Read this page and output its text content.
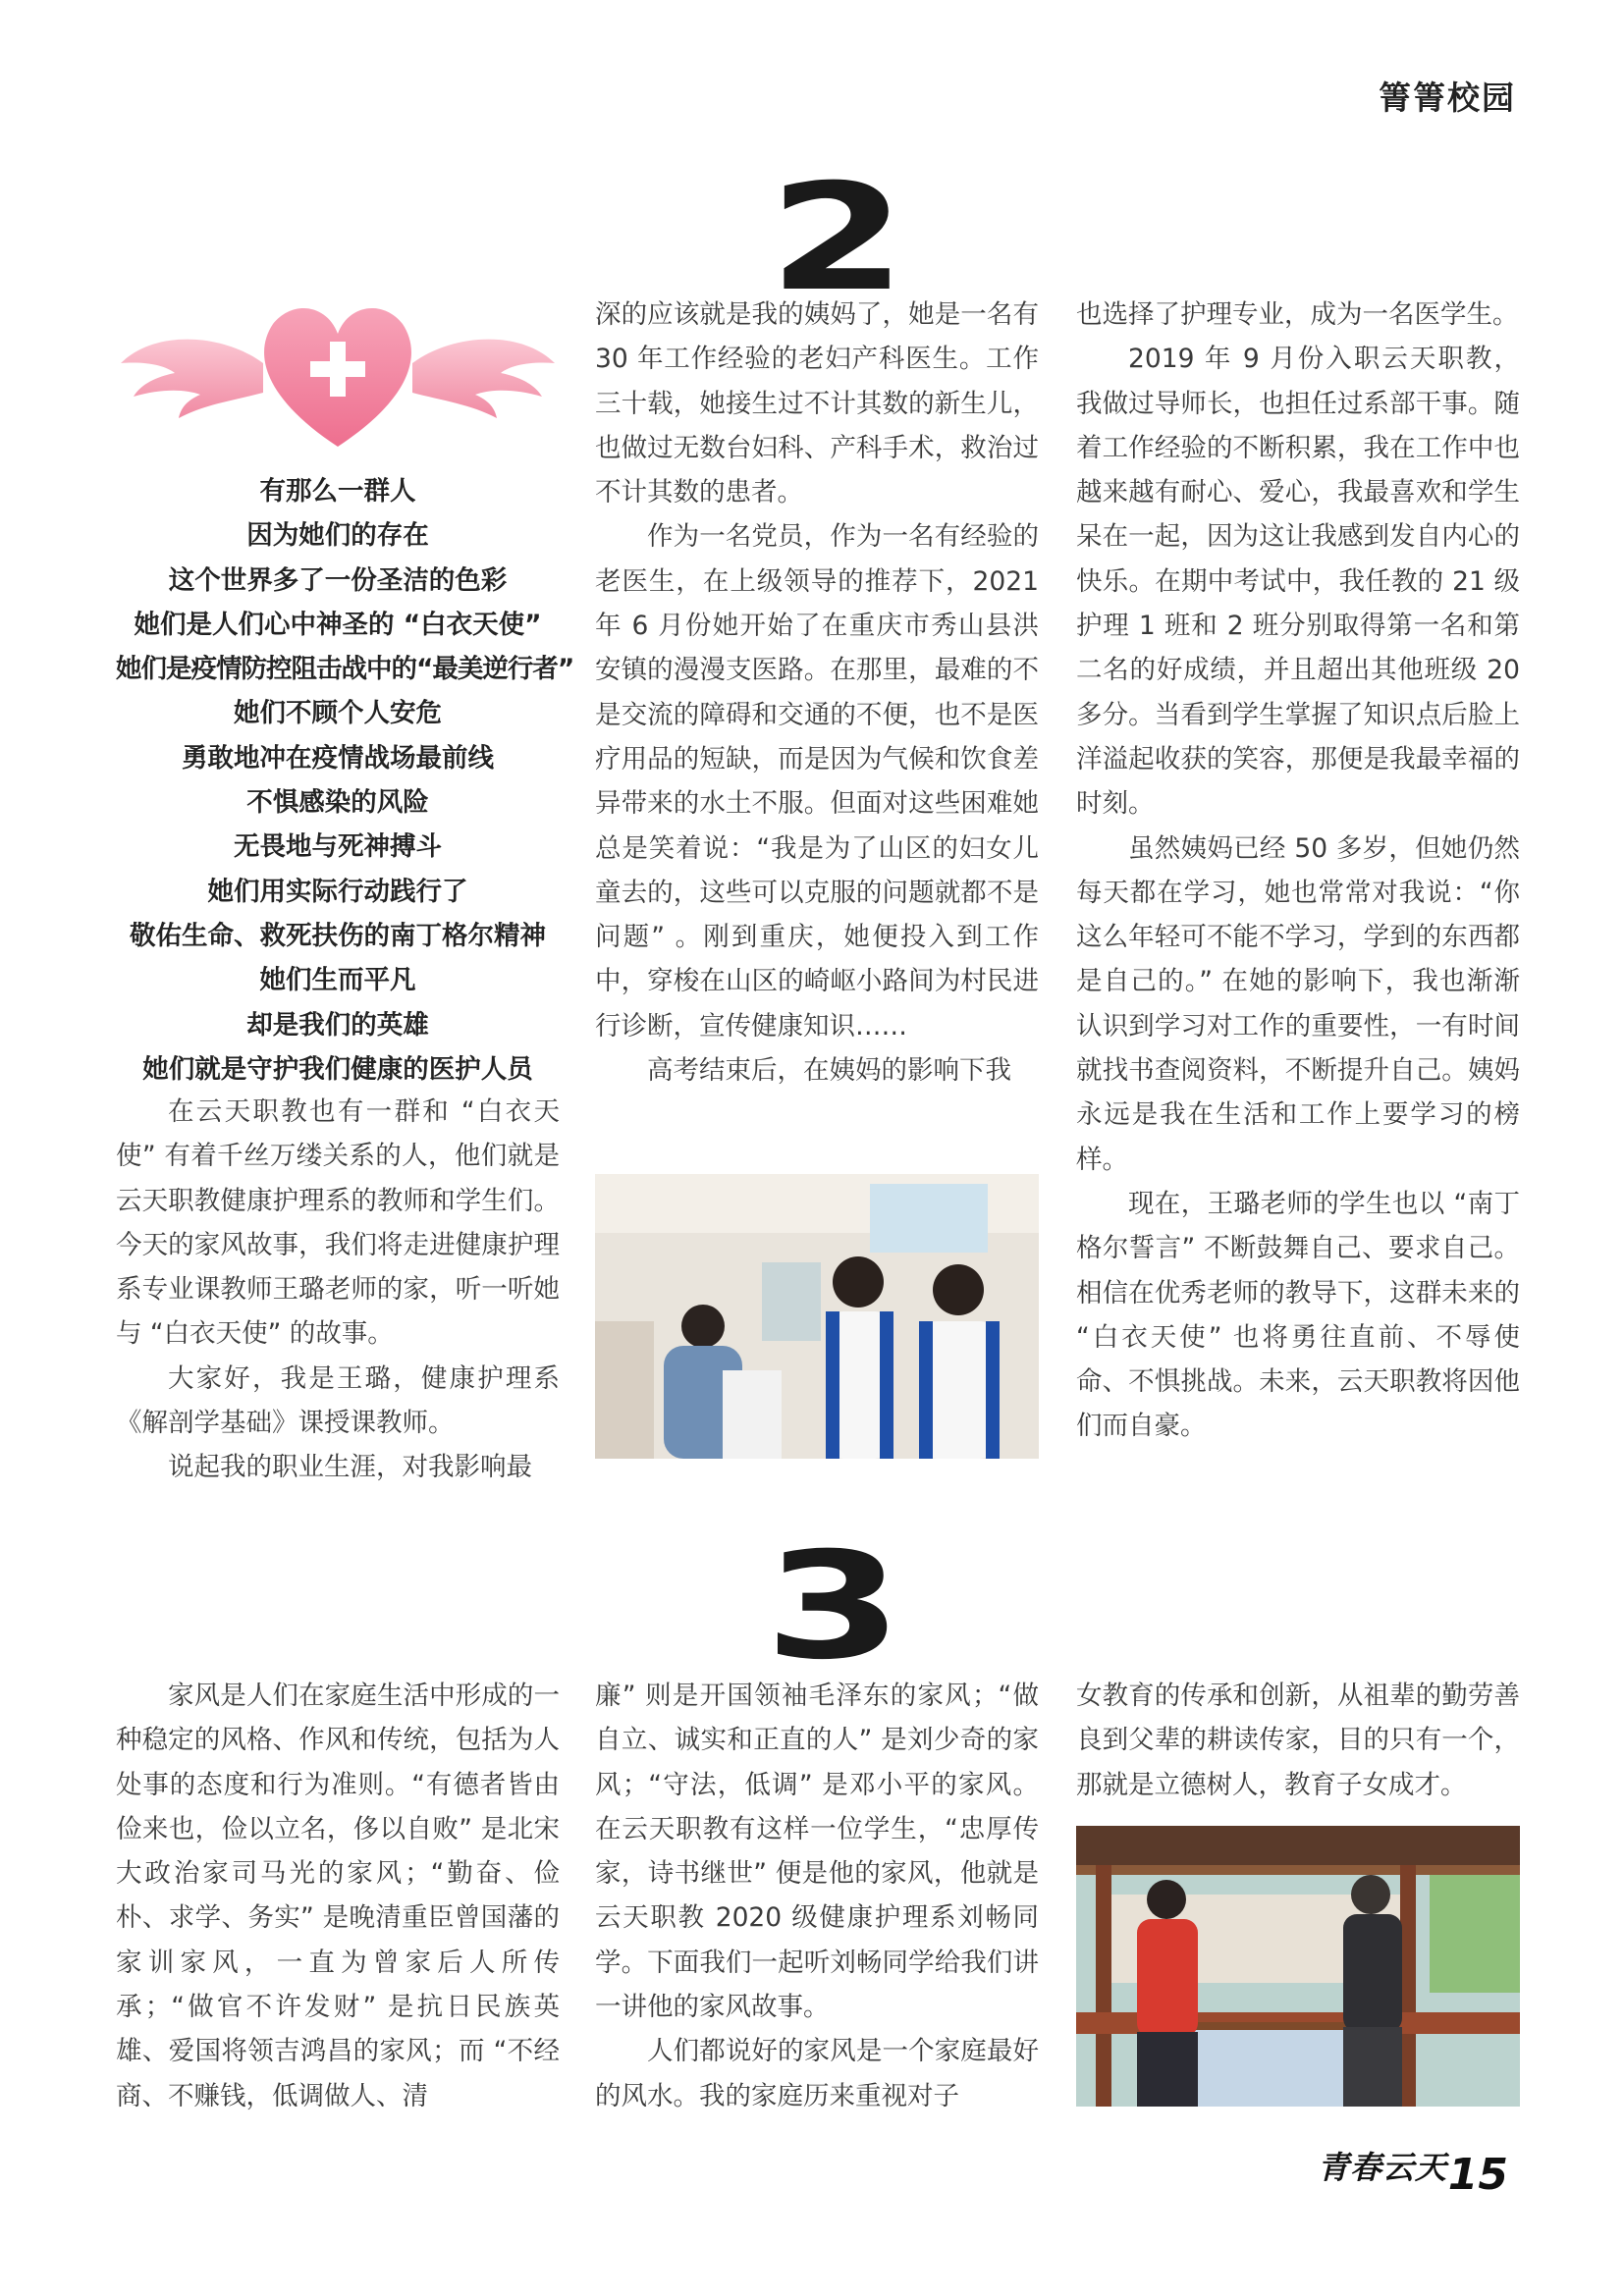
箐箐校园
2
有那么一群人
因为她们的存在
这个世界多了一份圣洁的色彩
她们是人们心中神圣的 “白衣天使”
她们是疫情防控阻击战中的“最美逆行者”
她们不顾个人安危
勇敢地冲在疫情战场最前线
不惧感染的风险
无畏地与死神搏斗
她们用实际行动践行了
敬佑生命、救死扶伤的南丁格尔精神
她们生而平凡
却是我们的英雄
她们就是守护我们健康的医护人员

在云天职教也有一群和 “白衣天使” 有着千丝万缕关系的人，他们就是云天职教健康护理系的教师和学生们。今天的家风故事，我们将走进健康护理系专业课教师王璐老师的家，听一听她与 “白衣天使” 的故事。

大家好，我是王璐，健康护理系《解剖学基础》课授课教师。

说起我的职业生涯，对我影响最

深的应该就是我的姨妈了，她是一名有 30 年工作经验的老妇产科医生。工作三十载，她接生过不计其数的新生儿，也做过无数台妇科、产科手术，救治过不计其数的患者。

作为一名党员，作为一名有经验的老医生，在上级领导的推荐下，2021 年 6 月份她开始了在重庆市秀山县洪安镇的漫漫支医路。在那里，最难的不是交流的障碍和交通的不便，也不是医疗用品的短缺，而是因为气候和饮食差异带来的水土不服。但面对这些困难她总是笑着说：“我是为了山区的妇女儿童去的，这些可以克服的问题就都不是问题” 。刚到重庆，她便投入到工作中，穿梭在山区的崎岖小路间为村民进行诊断，宣传健康知识……

高考结束后，在姨妈的影响下我

也选择了护理专业，成为一名医学生。

2019 年 9 月份入职云天职教，我做过导师长，也担任过系部干事。随着工作经验的不断积累，我在工作中也越来越有耐心、爱心，我最喜欢和学生呆在一起，因为这让我感到发自内心的快乐。在期中考试中，我任教的 21 级护理 1 班和 2 班分别取得第一名和第二名的好成绩，并且超出其他班级 20 多分。当看到学生掌握了知识点后脸上洋溢起收获的笑容，那便是我最幸福的时刻。

虽然姨妈已经 50 多岁，但她仍然每天都在学习，她也常常对我说：“你这么年轻可不能不学习，学到的东西都是自己的。” 在她的影响下，我也渐渐认识到学习对工作的重要性，一有时间就找书查阅资料，不断提升自己。姨妈永远是我在生活和工作上要学习的榜样。

现在，王璐老师的学生也以 “南丁格尔誓言” 不断鼓舞自己、要求自己。相信在优秀老师的教导下，这群未来的 “白衣天使” 也将勇往直前、不辱使命、不惧挑战。未来，云天职教将因他们而自豪。

3

家风是人们在家庭生活中形成的一种稳定的风格、作风和传统，包括为人处事的态度和行为准则。“有德者皆由俭来也，俭以立名，侈以自败” 是北宋大政治家司马光的家风；“勤奋、俭朴、求学、务实” 是晚清重臣曾国藩的家训家风，一直为曾家后人所传承；“做官不许发财” 是抗日民族英雄、爱国将领吉鸿昌的家风；而 “不经商、不赚钱，低调做人、清

廉” 则是开国领袖毛泽东的家风；“做自立、诚实和正直的人” 是刘少奇的家风；“守法，低调” 是邓小平的家风。在云天职教有这样一位学生，“忠厚传家，诗书继世” 便是他的家风，他就是云天职教 2020 级健康护理系刘畅同学。下面我们一起听刘畅同学给我们讲一讲他的家风故事。

人们都说好的家风是一个家庭最好的风水。我的家庭历来重视对子

女教育的传承和创新，从祖辈的勤劳善良到父辈的耕读传家，目的只有一个，那就是立德树人，教育子女成才。

青春云天 15
